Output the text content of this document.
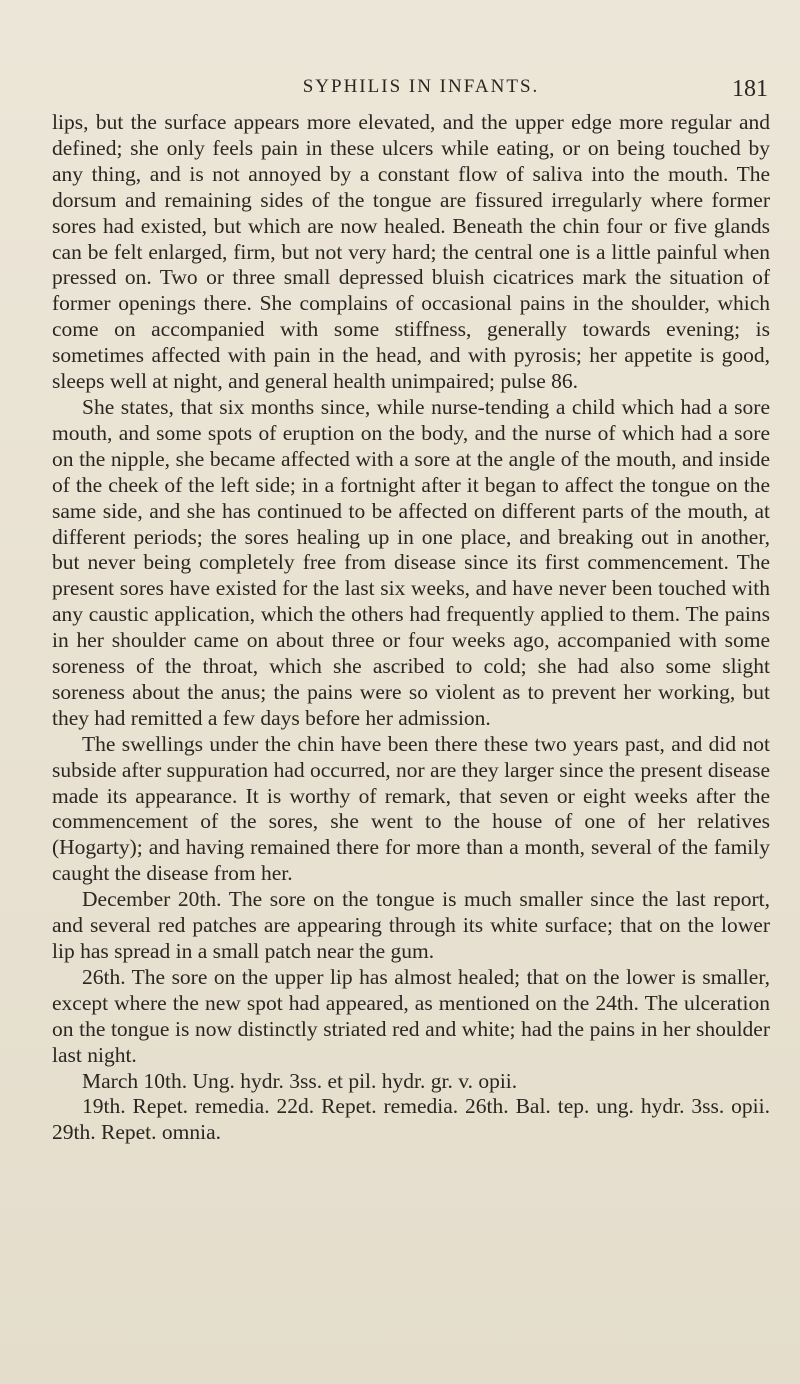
SYPHILIS IN INFANTS.	181

lips, but the surface appears more elevated, and the upper edge more regular and defined; she only feels pain in these ulcers while eating, or on being touched by any thing, and is not annoyed by a constant flow of saliva into the mouth. The dorsum and remaining sides of the tongue are fissured irregularly where former sores had existed, but which are now healed. Beneath the chin four or five glands can be felt enlarged, firm, but not very hard; the central one is a little painful when pressed on. Two or three small depressed bluish cicatrices mark the situation of former openings there. She complains of occasional pains in the shoulder, which come on accompanied with some stiffness, generally towards evening; is sometimes affected with pain in the head, and with pyrosis; her appetite is good, sleeps well at night, and general health unimpaired; pulse 86.

She states, that six months since, while nurse-tending a child which had a sore mouth, and some spots of eruption on the body, and the nurse of which had a sore on the nipple, she became affected with a sore at the angle of the mouth, and inside of the cheek of the left side; in a fortnight after it began to affect the tongue on the same side, and she has continued to be affected on different parts of the mouth, at different periods; the sores healing up in one place, and breaking out in another, but never being completely free from disease since its first commencement. The present sores have existed for the last six weeks, and have never been touched with any caustic application, which the others had frequently applied to them. The pains in her shoulder came on about three or four weeks ago, accompanied with some soreness of the throat, which she ascribed to cold; she had also some slight soreness about the anus; the pains were so violent as to prevent her working, but they had remitted a few days before her admission.

The swellings under the chin have been there these two years past, and did not subside after suppuration had occurred, nor are they larger since the present disease made its appearance. It is worthy of remark, that seven or eight weeks after the commencement of the sores, she went to the house of one of her relatives (Hogarty); and having remained there for more than a month, several of the family caught the disease from her.

December 20th. The sore on the tongue is much smaller since the last report, and several red patches are appearing through its white surface; that on the lower lip has spread in a small patch near the gum.

26th. The sore on the upper lip has almost healed; that on the lower is smaller, except where the new spot had appeared, as mentioned on the 24th. The ulceration on the tongue is now distinctly striated red and white; had the pains in her shoulder last night.

March 10th. Ung. hydr. 3ss. et pil. hydr. gr. v. opii.

19th. Repet. remedia. 22d. Repet. remedia. 26th. Bal. tep. ung. hydr. 3ss. opii. 29th. Repet. omnia.
